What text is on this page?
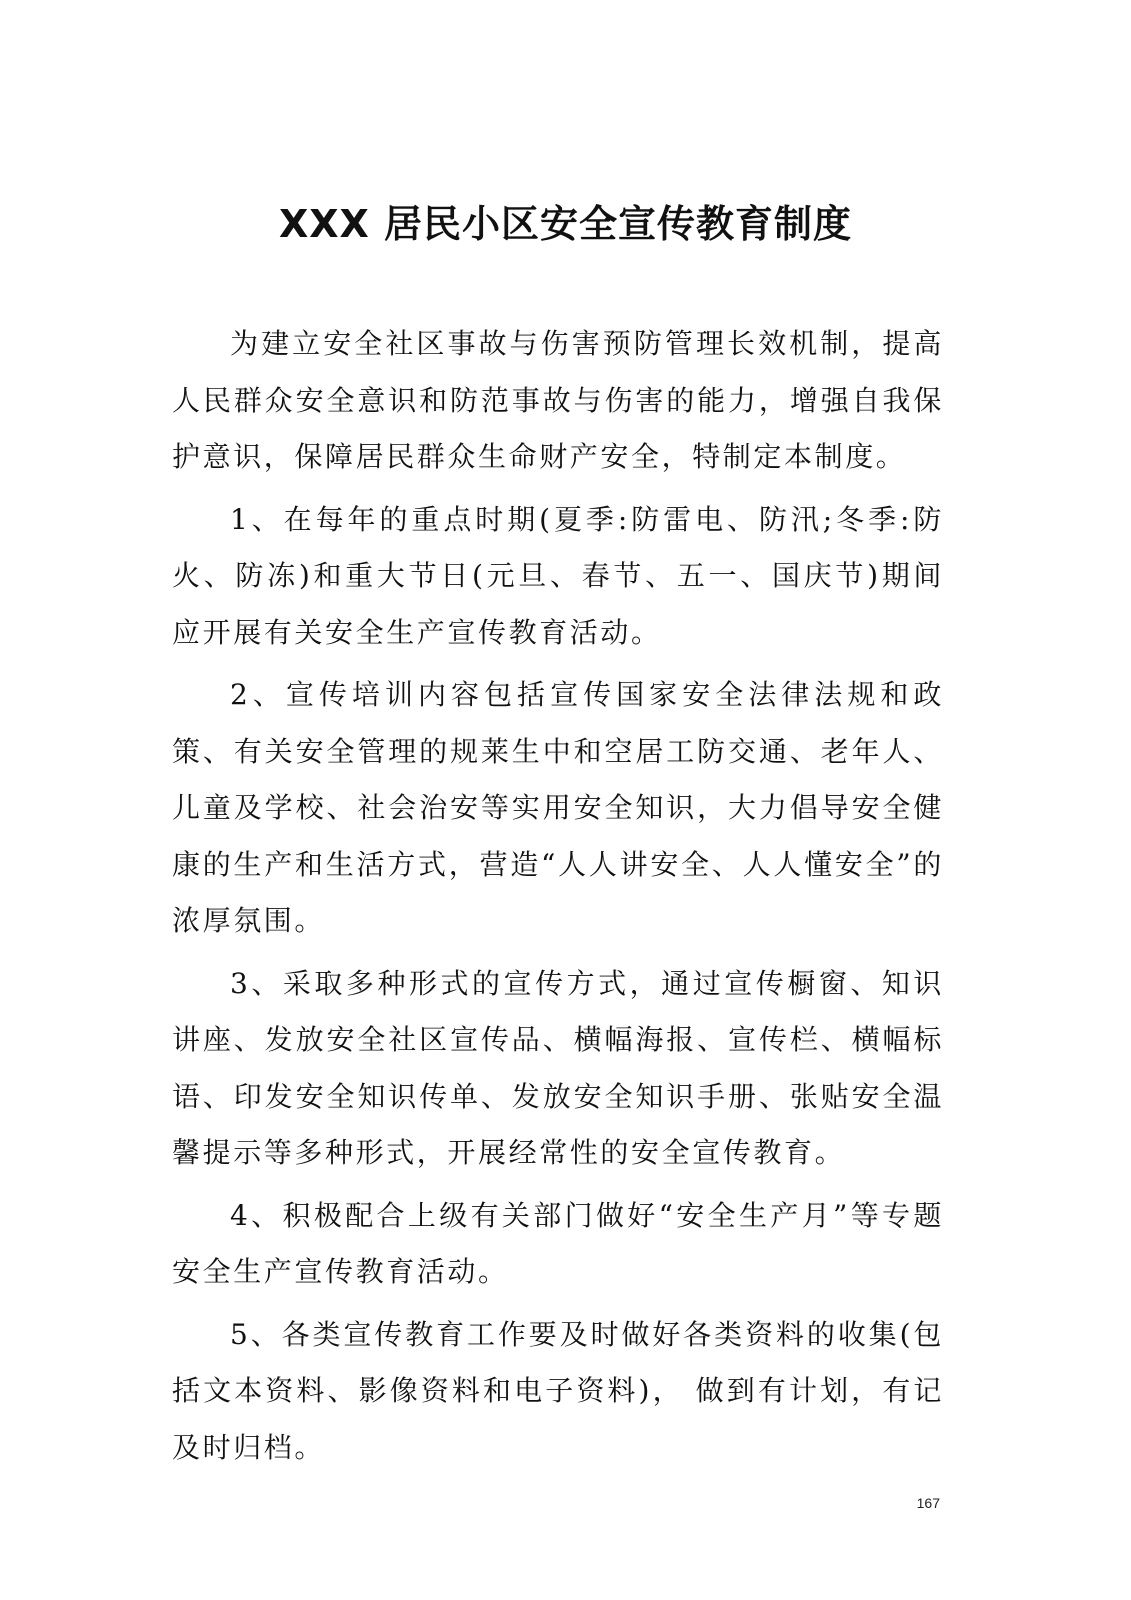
XXX 居民小区安全宣传教育制度

为建立安全社区事故与伤害预防管理长效机制，提高人民群众安全意识和防范事故与伤害的能力，增强自我保护意识，保障居民群众生命财产安全，特制定本制度。

1、在每年的重点时期(夏季:防雷电、防汛;冬季:防火、防冻)和重大节日(元旦、春节、五一、国庆节)期间应开展有关安全生产宣传教育活动。

2、宣传培训内容包括宣传国家安全法律法规和政策、有关安全管理的规莱生中和空居工防交通、老年人、儿童及学校、社会治安等实用安全知识，大力倡导安全健康的生产和生活方式，营造“人人讲安全、人人懂安全”的浓厚氛围。

3、采取多种形式的宣传方式，通过宣传橱窗、知识讲座、发放安全社区宣传品、横幅海报、宣传栏、横幅标语、印发安全知识传单、发放安全知识手册、张贴安全温馨提示等多种形式，开展经常性的安全宣传教育。

4、积极配合上级有关部门做好“安全生产月”等专题安全生产宣传教育活动。

5、各类宣传教育工作要及时做好各类资料的收集(包括文本资料、影像资料和电子资料)， 做到有计划，有记及时归档。

167
